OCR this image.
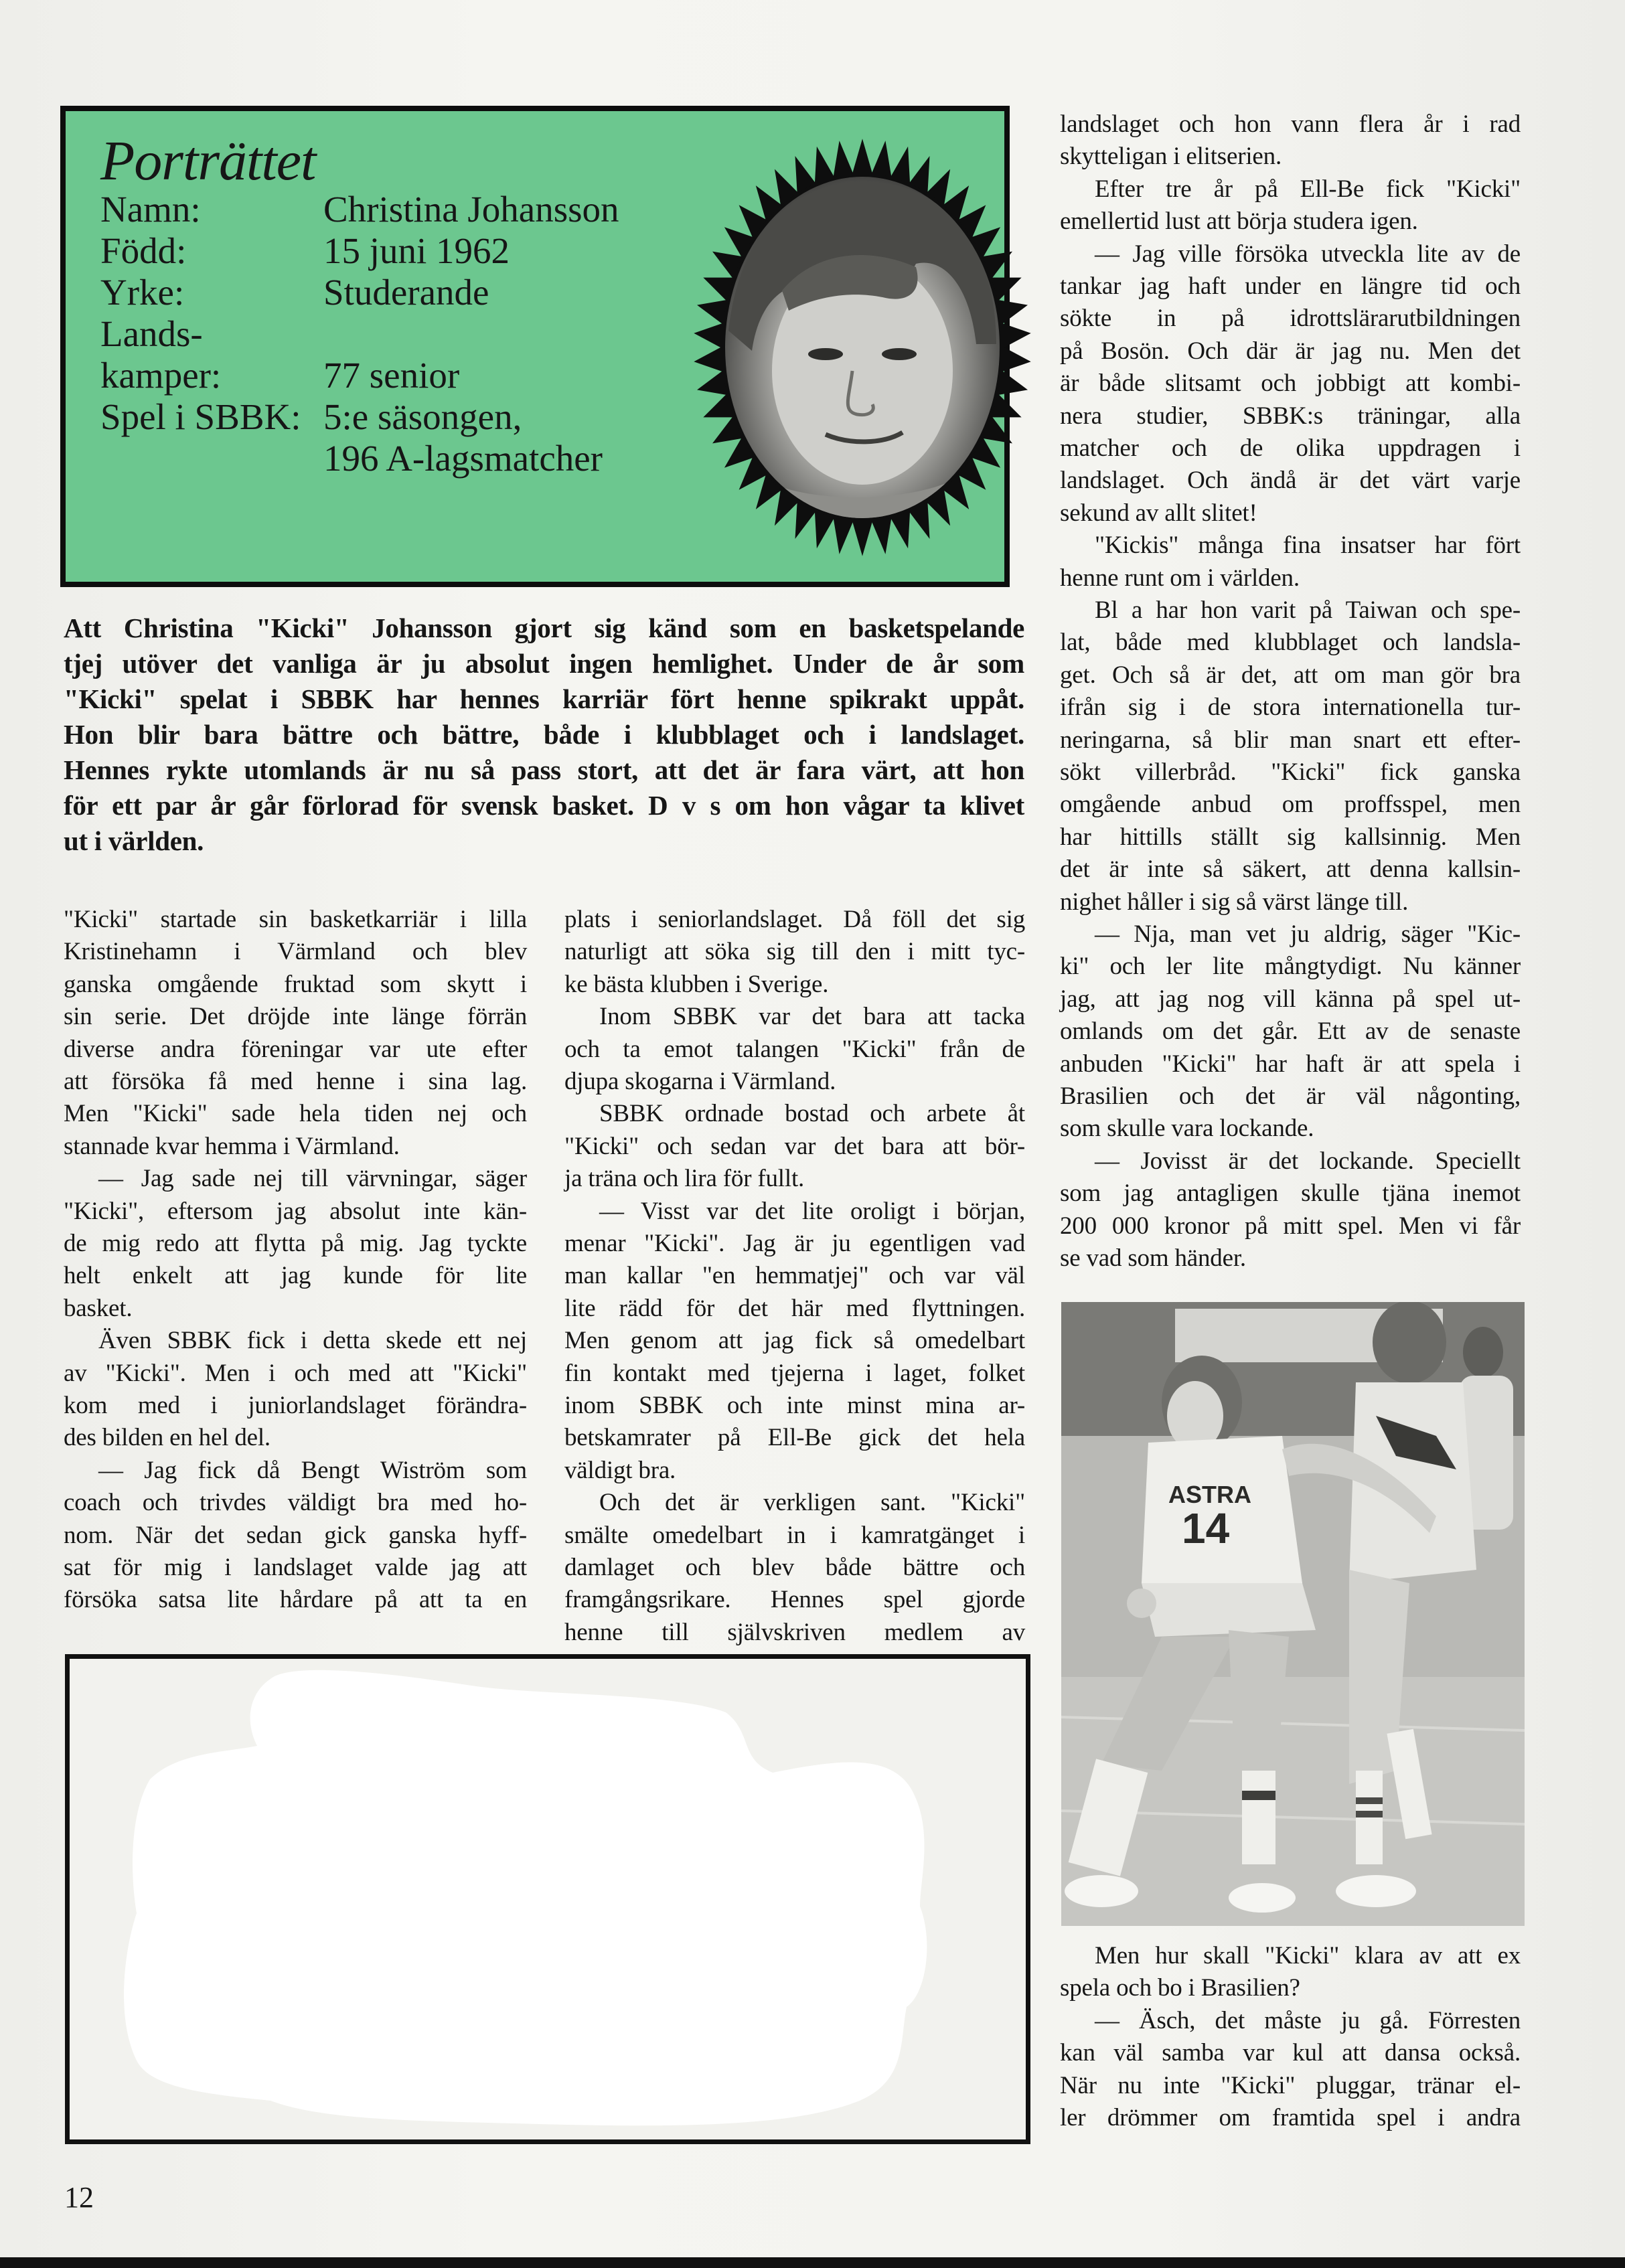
Porträttet
Namn:	Christina Johansson
Född:	15 juni 1962
Yrke:	Studerande
Lands-
kamper:	77 senior
Spel i SBBK: 5:e säsongen,
196 A-lagsmatcher
Att Christina "Kicki" Johansson gjort sig känd som en basketspelande
tjej utöver det vanliga är ju absolut ingen hemlighet. Under de år som
"Kicki" spelat i SBBK har hennes karriär fört henne spikrakt uppåt.
Hon blir bara bättre och bättre, både i klubblaget och i landslaget.
Hennes rykte utomlands är nu så pass stort, att det är fara värt, att hon
för ett par år går förlorad för svensk basket. D v s om hon vågar ta klivet
ut i världen.
"Kicki" startade sin basketkarriär i lilla
Kristinehamn i Värmland och blev
ganska omgående fruktad som skytt i
sin serie. Det dröjde inte länge förrän
diverse andra föreningar var ute efter
att försöka få med henne i sina lag.
Men "Kicki" sade hela tiden nej och
stannade kvar hemma i Värmland.
— Jag sade nej till värvningar, säger
"Kicki", eftersom jag absolut inte kän-
de mig redo att flytta på mig. Jag tyckte
helt enkelt att jag kunde för lite
basket.
Även SBBK fick i detta skede ett nej
av "Kicki". Men i och med att "Kicki"
kom med i juniorlandslaget förändra-
des bilden en hel del.
— Jag fick då Bengt Wiström som
coach och trivdes väldigt bra med ho-
nom. När det sedan gick ganska hyff-
sat för mig i landslaget valde jag att
försöka satsa lite hårdare på att ta en
plats i seniorlandslaget. Då föll det sig
naturligt att söka sig till den i mitt tyc-
ke bästa klubben i Sverige.
Inom SBBK var det bara att tacka
och ta emot talangen "Kicki" från de
djupa skogarna i Värmland.
SBBK ordnade bostad och arbete åt
"Kicki" och sedan var det bara att bör-
ja träna och lira för fullt.
— Visst var det lite oroligt i början,
menar "Kicki". Jag är ju egentligen vad
man kallar "en hemmatjej" och var väl
lite rädd för det här med flyttningen.
Men genom att jag fick så omedelbart
fin kontakt med tjejerna i laget, folket
inom SBBK och inte minst mina ar-
betskamrater på Ell-Be gick det hela
väldigt bra.
Och det är verkligen sant. "Kicki"
smälte omedelbart in i kamratgänget i
damlaget och blev både bättre och
framgångsrikare. Hennes spel gjorde
henne till självskriven medlem av
landslaget och hon vann flera år i rad
skytteligan i elitserien.
Efter tre år på Ell-Be fick "Kicki"
emellertid lust att börja studera igen.
— Jag ville försöka utveckla lite av de
tankar jag haft under en längre tid och
sökte in på idrottslärarutbildningen
på Bosön. Och där är jag nu. Men det
är både slitsamt och jobbigt att kombi-
nera studier, SBBK:s träningar, alla
matcher och de olika uppdragen i
landslaget. Och ändå är det värt varje
sekund av allt slitet!
"Kickis" många fina insatser har fört
henne runt om i världen.
Bl a har hon varit på Taiwan och spe-
lat, både med klubblaget och landsla-
get. Och så är det, att om man gör bra
ifrån sig i de stora internationella tur-
neringarna, så blir man snart ett efter-
sökt villerbråd. "Kicki" fick ganska
omgående anbud om proffsspel, men
har hittills ställt sig kallsinnig. Men
det är inte så säkert, att denna kallsin-
nighet håller i sig så värst länge till.
— Nja, man vet ju aldrig, säger "Kic-
ki" och ler lite mångtydigt. Nu känner
jag, att jag nog vill känna på spel ut-
omlands om det går. Ett av de senaste
anbuden "Kicki" har haft är att spela i
Brasilien och det är väl någonting,
som skulle vara lockande.
— Jovisst är det lockande. Speciellt
som jag antagligen skulle tjäna inemot
200 000 kronor på mitt spel. Men vi får
se vad som händer.
Men hur skall "Kicki" klara av att ex
spela och bo i Brasilien?
— Äsch, det måste ju gå. Förresten
kan väl samba var kul att dansa också.
När nu inte "Kicki" pluggar, tränar el-
ler drömmer om framtida spel i andra
ASTRA
14
12
